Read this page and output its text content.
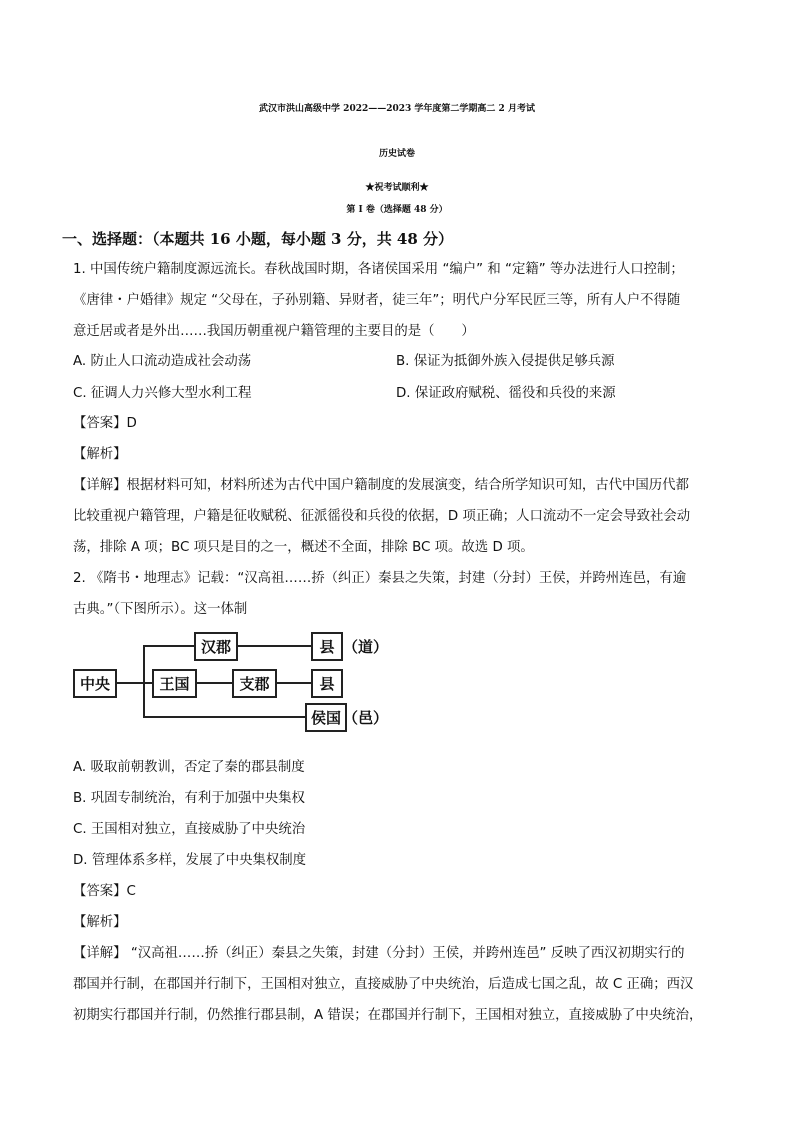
武汉市洪山高级中学 2022——2023 学年度第二学期高二 2 月考试
历史试卷
★祝考试顺利★
第 I 卷（选择题 48 分）
一、选择题：（本题共 16 小题，每小题 3 分，共 48 分）
1. 中国传统户籍制度源远流长。春秋战国时期，各诸侯国采用 “编户” 和 “定籍” 等办法进行人口控制；
《唐律・户婚律》规定 “父母在，子孙别籍、异财者，徒三年”；明代户分军民匠三等，所有人户不得随
意迁居或者是外出……我国历朝重视户籍管理的主要目的是（　　）
A. 防止人口流动造成社会动荡	B. 保证为抵御外族入侵提供足够兵源
C. 征调人力兴修大型水利工程	D. 保证政府赋税、徭役和兵役的来源
【答案】D
【解析】
【详解】根据材料可知，材料所述为古代中国户籍制度的发展演变，结合所学知识可知，古代中国历代都
比较重视户籍管理，户籍是征收赋税、征派徭役和兵役的依据，D 项正确；人口流动不一定会导致社会动
荡，排除 A 项；BC 项只是目的之一，概述不全面，排除 BC 项。故选 D 项。
2. 《隋书・地理志》记载：“汉高祖……挢（纠正）秦县之失策，封建（分封）王侯，并跨州连邑，有逾
古典。”（下图所示）。这一体制
中央
汉郡
王国	支郡
县 （道）
县
侯国 （邑）
A. 吸取前朝教训，否定了秦的郡县制度
B. 巩固专制统治，有利于加强中央集权
C. 王国相对独立，直接威胁了中央统治
D. 管理体系多样，发展了中央集权制度
【答案】C
【解析】
【详解】 “汉高祖……挢（纠正）秦县之失策，封建（分封）王侯，并跨州连邑” 反映了西汉初期实行的
郡国并行制，在郡国并行制下，王国相对独立，直接威胁了中央统治，后造成七国之乱，故 C 正确；西汉
初期实行郡国并行制，仍然推行郡县制，A 错误；在郡国并行制下，王国相对独立，直接威胁了中央统治，
